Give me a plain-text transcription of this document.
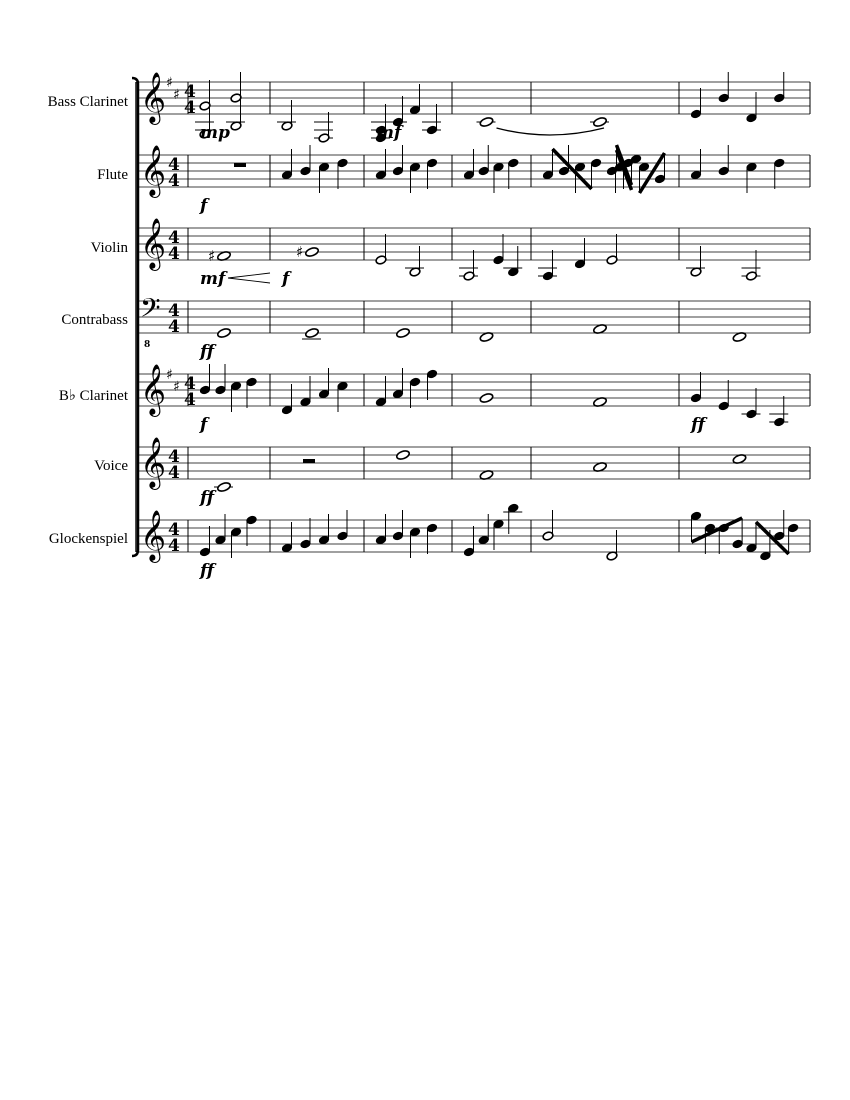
Bass Clarinet
Flute
Violin
Contrabass
B♭ Clarinet
Voice
Glockenspiel
𝄞 ♯
♯ 4
4
mp	mf
𝄞 4
4
f
𝄞 4
4 ♯	♯
mf	f
𝄢
8
4
4
ff
𝄞 ♯
♯ 4
4
f	ff
𝄞 4
4
ff
𝄞 4
4
ff
